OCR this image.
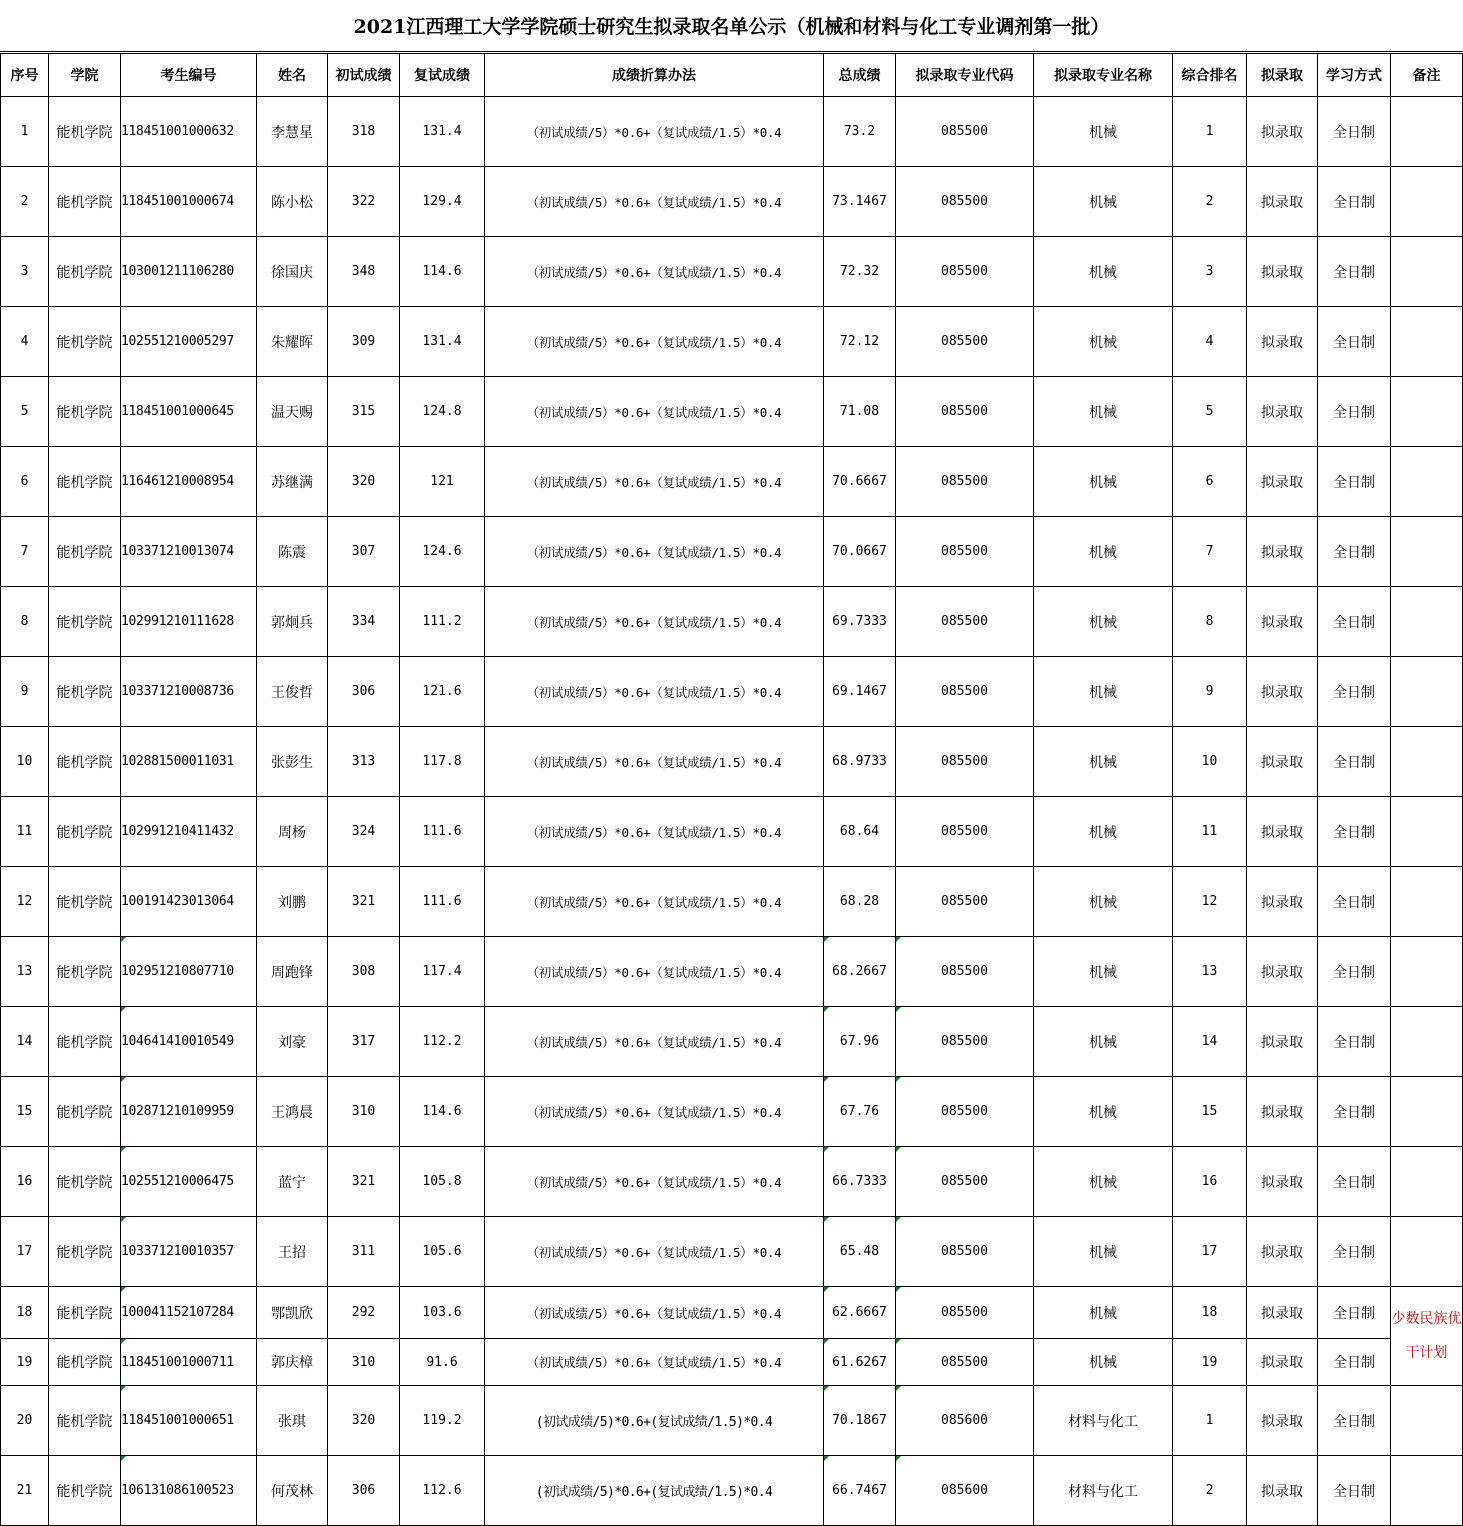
2021江西理工大学学院硕士研究生拟录取名单公示（机械和材料与化工专业调剂第一批）
序号	学院	考生编号	姓名	初试成绩	复试成绩	成绩折算办法	总成绩	拟录取专业代码	拟录取专业名称	综合排名	拟录取	学习方式	备注
1	能机学院	118451001000632	李慧星	318	131.4	（初试成绩/5）*0.6+（复试成绩/1.5）*0.4	73.2	085500	机械	1	拟录取	全日制	
2	能机学院	118451001000674	陈小松	322	129.4	（初试成绩/5）*0.6+（复试成绩/1.5）*0.4	73.1467	085500	机械	2	拟录取	全日制	
3	能机学院	103001211106280	徐国庆	348	114.6	（初试成绩/5）*0.6+（复试成绩/1.5）*0.4	72.32	085500	机械	3	拟录取	全日制	
4	能机学院	102551210005297	朱耀晖	309	131.4	（初试成绩/5）*0.6+（复试成绩/1.5）*0.4	72.12	085500	机械	4	拟录取	全日制	
5	能机学院	118451001000645	温天赐	315	124.8	（初试成绩/5）*0.6+（复试成绩/1.5）*0.4	71.08	085500	机械	5	拟录取	全日制	
6	能机学院	116461210008954	苏继满	320	121	（初试成绩/5）*0.6+（复试成绩/1.5）*0.4	70.6667	085500	机械	6	拟录取	全日制	
7	能机学院	103371210013074	陈震	307	124.6	（初试成绩/5）*0.6+（复试成绩/1.5）*0.4	70.0667	085500	机械	7	拟录取	全日制	
8	能机学院	102991210111628	郭炯兵	334	111.2	（初试成绩/5）*0.6+（复试成绩/1.5）*0.4	69.7333	085500	机械	8	拟录取	全日制	
9	能机学院	103371210008736	王俊哲	306	121.6	（初试成绩/5）*0.6+（复试成绩/1.5）*0.4	69.1467	085500	机械	9	拟录取	全日制	
10	能机学院	102881500011031	张彭生	313	117.8	（初试成绩/5）*0.6+（复试成绩/1.5）*0.4	68.9733	085500	机械	10	拟录取	全日制	
11	能机学院	102991210411432	周杨	324	111.6	（初试成绩/5）*0.6+（复试成绩/1.5）*0.4	68.64	085500	机械	11	拟录取	全日制	
12	能机学院	100191423013064	刘鹏	321	111.6	（初试成绩/5）*0.6+（复试成绩/1.5）*0.4	68.28	085500	机械	12	拟录取	全日制	
13	能机学院	102951210807710	周跑锋	308	117.4	（初试成绩/5）*0.6+（复试成绩/1.5）*0.4	68.2667	085500	机械	13	拟录取	全日制	
14	能机学院	104641410010549	刘豪	317	112.2	（初试成绩/5）*0.6+（复试成绩/1.5）*0.4	67.96	085500	机械	14	拟录取	全日制	
15	能机学院	102871210109959	王鸿晨	310	114.6	（初试成绩/5）*0.6+（复试成绩/1.5）*0.4	67.76	085500	机械	15	拟录取	全日制	
16	能机学院	102551210006475	蓝宁	321	105.8	（初试成绩/5）*0.6+（复试成绩/1.5）*0.4	66.7333	085500	机械	16	拟录取	全日制	
17	能机学院	103371210010357	王招	311	105.6	（初试成绩/5）*0.6+（复试成绩/1.5）*0.4	65.48	085500	机械	17	拟录取	全日制	
18	能机学院	100041152107284	鄂凯欣	292	103.6	（初试成绩/5）*0.6+（复试成绩/1.5）*0.4	62.6667	085500	机械	18	拟录取	全日制	少数民族优干计划
19	能机学院	118451001000711	郭庆樟	310	91.6	（初试成绩/5）*0.6+（复试成绩/1.5）*0.4	61.6267	085500	机械	19	拟录取	全日制	
20	能机学院	118451001000651	张琪	320	119.2	(初试成绩/5)*0.6+(复试成绩/1.5)*0.4	70.1867	085600	材料与化工	1	拟录取	全日制	
21	能机学院	106131086100523	何茂林	306	112.6	(初试成绩/5)*0.6+(复试成绩/1.5)*0.4	66.7467	085600	材料与化工	2	拟录取	全日制	
